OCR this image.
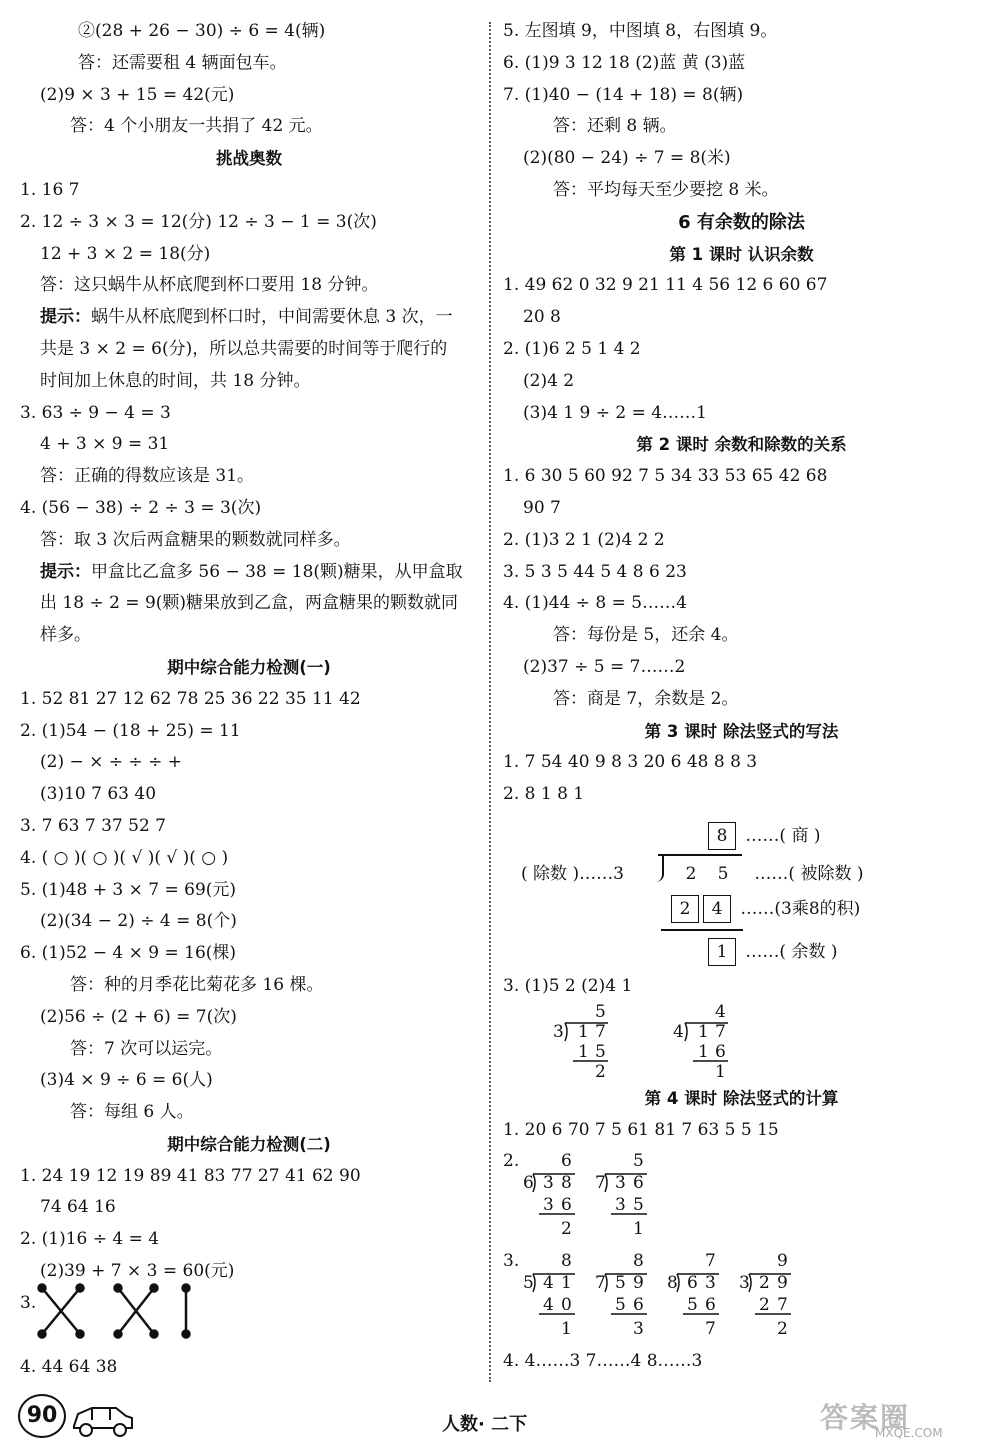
②(28 + 26 − 30) ÷ 6 = 4(辆)
答：还需要租 4 辆面包车。
(2)9 × 3 + 15 = 42(元)
答：4 个小朋友一共捐了 42 元。
挑战奥数
1. 16 7
2. 12 ÷ 3 × 3 = 12(分) 12 ÷ 3 − 1 = 3(次)
12 + 3 × 2 = 18(分)
答：这只蜗牛从杯底爬到杯口要用 18 分钟。
提示：蜗牛从杯底爬到杯口时，中间需要休息 3 次，一
共是 3 × 2 = 6(分)，所以总共需要的时间等于爬行的
时间加上休息的时间，共 18 分钟。
3. 63 ÷ 9 − 4 = 3
4 + 3 × 9 = 31
答：正确的得数应该是 31。
4. (56 − 38) ÷ 2 ÷ 3 = 3(次)
答：取 3 次后两盒糖果的颗数就同样多。
提示：甲盒比乙盒多 56 − 38 = 18(颗)糖果，从甲盒取
出 18 ÷ 2 = 9(颗)糖果放到乙盒，两盒糖果的颗数就同
样多。
期中综合能力检测(一)
1. 52 81 27 12 62 78 25 36 22 35 11 42
2. (1)54 − (18 + 25) = 11
(2) − × ÷ ÷ ÷ +
(3)10 7 63 40
3. 7 63 7 37 52 7
4. ( ○ )( ○ )( √ )( √ )( ○ )
5. (1)48 + 3 × 7 = 69(元)
(2)(34 − 2) ÷ 4 = 8(个)
6. (1)52 − 4 × 9 = 16(棵)
答：种的月季花比菊花多 16 棵。
(2)56 ÷ (2 + 6) = 7(次)
答：7 次可以运完。
(3)4 × 9 ÷ 6 = 6(人)
答：每组 6 人。
期中综合能力检测(二)
1. 24 19 12 19 89 41 83 77 27 41 62 90
74 64 16
2. (1)16 ÷ 4 = 4
(2)39 + 7 × 3 = 60(元)
3.
4. 44 64 38
5. 左图填 9，中图填 8，右图填 9。
6. (1)9 3 12 18 (2)蓝 黄 (3)蓝
7. (1)40 − (14 + 18) = 8(辆)
答：还剩 8 辆。
(2)(80 − 24) ÷ 7 = 8(米)
答：平均每天至少要挖 8 米。
6 有余数的除法
第 1 课时 认识余数
1. 49 62 0 32 9 21 11 4 56 12 6 60 67
20 8
2. (1)6 2 5 1 4 2
(2)4 2
(3)4 1 9 ÷ 2 = 4……1
第 2 课时 余数和除数的关系
1. 6 30 5 60 92 7 5 34 33 53 65 42 68
90 7
2. (1)3 2 1 (2)4 2 2
3. 5 3 5 44 5 4 8 6 23
4. (1)44 ÷ 8 = 5……4
答：每份是 5，还余 4。
(2)37 ÷ 5 = 7……2
答：商是 7，余数是 2。
第 3 课时 除法竖式的写法
1. 7 54 40 9 8 3 20 6 48 8 8 3
2. 8 1 8 1
8 ……( 商 )
( 除数 )……3	2 5 ……( 被除数 )
2 4 ……(3乘8的积)
1 ……( 余数 )
3. (1)5 2 (2)4 1
5
3 1 7
1 5
2
4
4 1 7
1 6
1
第 4 课时 除法竖式的计算
1. 20 6 70 7 5 61 81 7 63 5 5 15
2. 6
6 3 8
3 6
2
5
7 3 6
3 5
1
3. 8
5 4 1
4 0
1
8
7 5 9
5 6
3
7
8 6 3
5 6
7
9
3 2 9
2 7
2
4. 4……3 7……4 8……3
90	人数· 二下	答案圈
MXQE.COM
